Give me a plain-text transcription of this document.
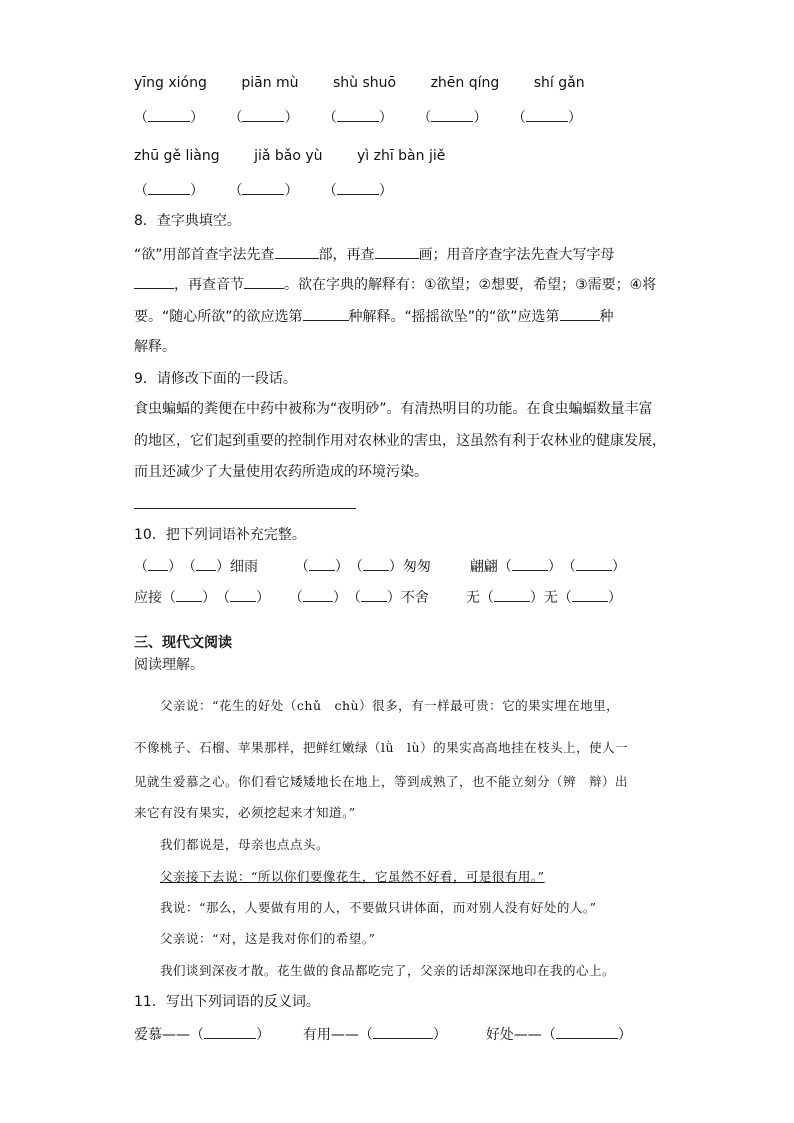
yīng xióng piān mù shù shuō zhēn qíng shí gǎn
（	） （	） （	） （	） （	）
zhū gě liàng jiǎ bǎo yù yì zhī bàn jiě
（	） （	） （	）
8．查字典填空。
“欲”用部首查字法先查	部，再查	画；用音序查字法先查大写字母
，再查音节	。欲在字典的解释有：①欲望；②想要，希望；③需要；④将
要。“随心所欲”的欲应选第	种解释。“摇摇欲坠”的“欲”应选第	种
解释。
9．请修改下面的一段话。
食虫蝙蝠的粪便在中药中被称为“夜明砂”。有清热明目的功能。在食虫蝙蝠数量丰富
的地区，它们起到重要的控制作用对农林业的害虫，这虽然有利于农林业的健康发展，
而且还减少了大量使用农药所造成的环境污染。
10．把下列词语补充完整。
（ ）（ ）细雨	（ ）（ ）匆匆	翩翩（	）（	）
应接（ ）（ ） （ ）（ ）不舍	无（	）无（	）
三、现代文阅读
阅读理解。
父亲说：“花生的好处（chǔ　chù）很多，有一样最可贵：它的果实埋在地里，
不像桃子、石榴、苹果那样，把鲜红嫩绿（lǜ　lù）的果实高高地挂在枝头上，使人一
见就生爱慕之心。你们看它矮矮地长在地上，等到成熟了，也不能立刻分（辨　辩）出
来它有没有果实，必须挖起来才知道。”
我们都说是，母亲也点点头。
父亲接下去说：“所以你们要像花生，它虽然不好看，可是很有用。”
我说：“那么，人要做有用的人，不要做只讲体面，而对别人没有好处的人。”
父亲说：“对，这是我对你们的希望。”
我们谈到深夜才散。花生做的食品都吃完了，父亲的话却深深地印在我的心上。
11．写出下列词语的反义词。
爱慕——（	） 有用——（	）	好处——（	）
